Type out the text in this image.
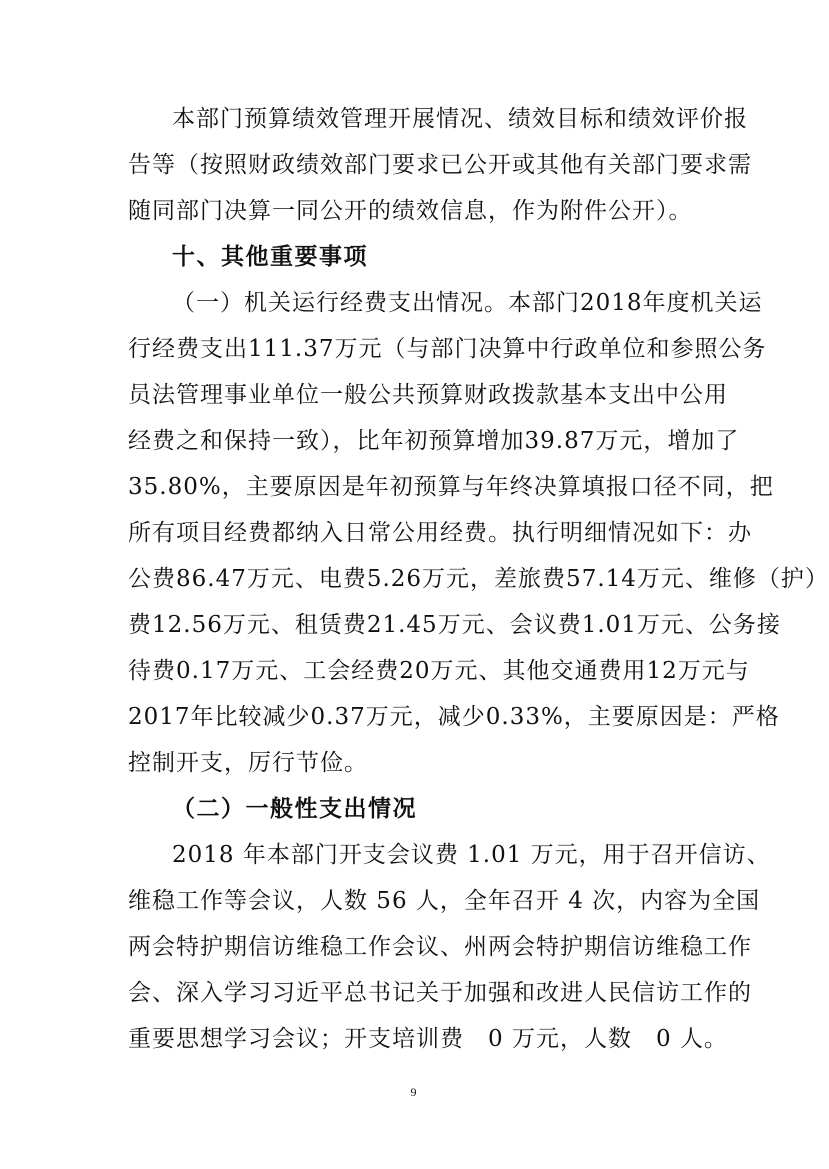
本部门预算绩效管理开展情况、绩效目标和绩效评价报
告等（按照财政绩效部门要求已公开或其他有关部门要求需
随同部门决算一同公开的绩效信息，作为附件公开）。
十、其他重要事项
（一）机关运行经费支出情况。本部门2018年度机关运
行经费支出111.37万元（与部门决算中行政单位和参照公务
员法管理事业单位一般公共预算财政拨款基本支出中公用
经费之和保持一致），比年初预算增加39.87万元，增加了
35.80%，主要原因是年初预算与年终决算填报口径不同，把
所有项目经费都纳入日常公用经费。执行明细情况如下：办
公费86.47万元、电费5.26万元，差旅费57.14万元、维修（护）
费12.56万元、租赁费21.45万元、会议费1.01万元、公务接
待费0.17万元、工会经费20万元、其他交通费用12万元与
2017年比较减少0.37万元，减少0.33%，主要原因是：严格
控制开支，厉行节俭。
（二）一般性支出情况
2018 年本部门开支会议费 1.01 万元，用于召开信访、
维稳工作等会议，人数 56 人，全年召开 4 次，内容为全国
两会特护期信访维稳工作会议、州两会特护期信访维稳工作
会、深入学习习近平总书记关于加强和改进人民信访工作的
重要思想学习会议；开支培训费　0 万元，人数　0 人。
9
